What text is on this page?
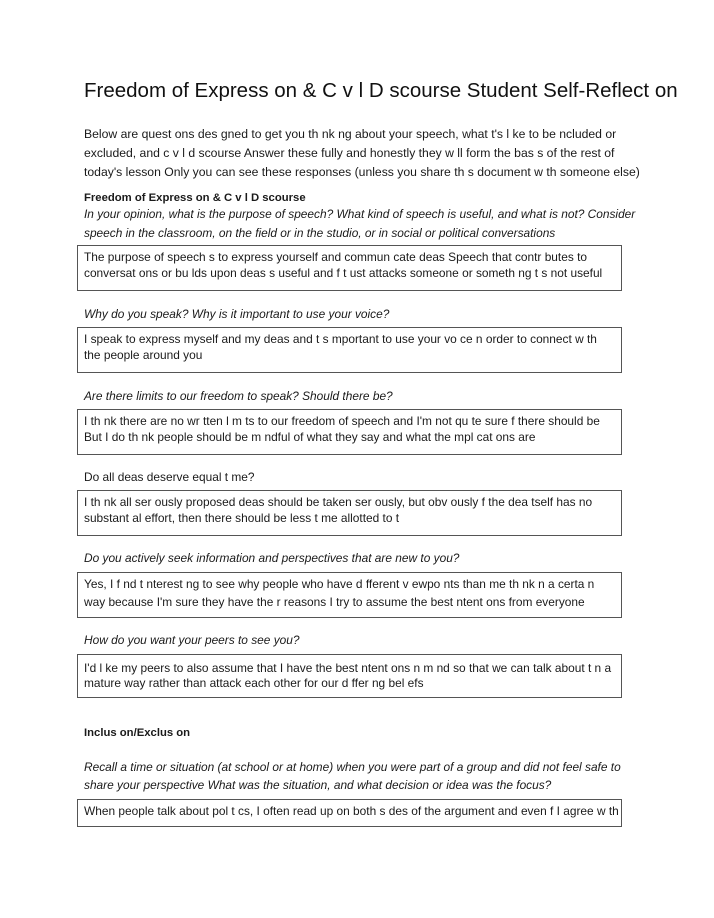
Freedom of Express on & C v l D scourse Student Self-Reflect on
Below are quest ons des gned to get you th nk ng about your speech, what t's l ke to be ncluded or
excluded, and c v l d scourse Answer these fully and honestly they w ll form the bas s of the rest of
today's lesson Only you can see these responses (unless you share th s document w th someone else)
Freedom of Express on & C v l D scourse
In your opinion, what is the purpose of speech? What kind of speech is useful, and what is not? Consider
speech in the classroom, on the field or in the studio, or in social or political conversations
The purpose of speech s to express yourself and commun cate deas Speech that contr butes to
conversat ons or bu lds upon deas s useful and f t ust attacks someone or someth ng t s not useful
Why do you speak? Why is it important to use your voice?
I speak to express myself and my deas and t s mportant to use your vo ce n order to connect w th
the people around you
Are there limits to our freedom to speak? Should there be?
I th nk there are no wr tten l m ts to our freedom of speech and I'm not qu te sure f there should be
But I do th nk people should be m ndful of what they say and what the mpl cat ons are
Do all deas deserve equal t me?
I th nk all ser ously proposed deas should be taken ser ously, but obv ously f the dea tself has no
substant al effort, then there should be less t me allotted to t
Do you actively seek information and perspectives that are new to you?
Yes, I f nd t nterest ng to see why people who have d fferent v ewpo nts than me th nk n a certa n
way because I'm sure they have the r reasons I try to assume the best ntent ons from everyone
How do you want your peers to see you?
I'd l ke my peers to also assume that I have the best ntent ons n m nd so that we can talk about t n a
mature way rather than attack each other for our d ffer ng bel efs
Inclus on/Exclus on
Recall a time or situation (at school or at home) when you were part of a group and did not feel safe to
share your perspective What was the situation, and what decision or idea was the focus?
When people talk about pol t cs, I often read up on both s des of the argument and even f I agree w th
